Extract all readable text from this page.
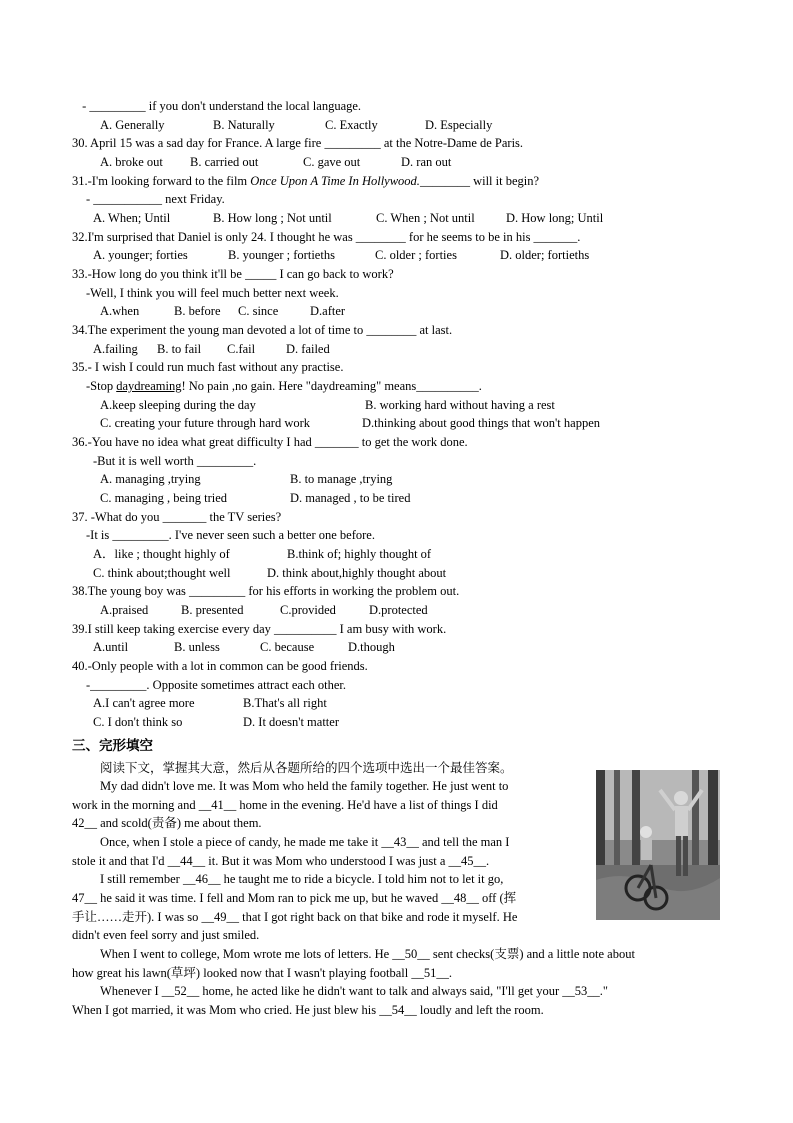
- _________ if you don't understand the local language.
A. Generally	B. Naturally	C. Exactly	D. Especially
30. April 15 was a sad day for France. A large fire _________ at the Notre-Dame de Paris.
A. broke out B. carried out	C. gave out	D. ran out
31.-I'm looking forward to the film Once Upon A Time In Hollywood.________ will it begin?
- ___________ next Friday.
A. When; Until	B. How long ; Not until	C. When ; Not until	D. How long; Until
32.I'm surprised that Daniel is only 24. I thought he was ________ for he seems to be in his _______.
A. younger; forties	B. younger ; fortieths	C. older ; forties	D. older; fortieths
33.-How long do you think it'll be _____ I can go back to work?
-Well, I think you will feel much better next week.
A.when	B. before C. since	D.after
34.The experiment the young man devoted a lot of time to ________ at last.
A.failing B. to fail C.fail D. failed
35.- I wish I could run much fast without any practise.
-Stop daydreaming! No pain ,no gain. Here "daydreaming" means__________.
A.keep sleeping during the day	B. working hard without having a rest
C. creating your future through hard work	D.thinking about good things that won't happen
36.-You have no idea what great difficulty I had _______ to get the work done.
-But it is well worth _________.
A. managing ,trying	B. to manage ,trying
C. managing , being tried	D. managed , to be tired
37. -What do you _______ the TV series?
-It is _________. I've never seen such a better one before.
A．like ; thought highly of	B.think of; highly thought of
C. think about;thought well	D. think about,highly thought about
38.The young boy was _________ for his efforts in working the problem out.
A.praised	B. presented	C.provided	D.protected
39.I still keep taking exercise every day __________ I am busy with work.
A.until	B. unless	C. because	D.though
40.-Only people with a lot in common can be good friends.
-_________. Opposite sometimes attract each other.
A.I can't agree more	B.That's all right
C. I don't think so	D. It doesn't matter
三、完形填空
阅读下文，掌握其大意，然后从各题所给的四个选项中选出一个最佳答案。
My dad didn't love me. It was Mom who held the family together. He just went to
work in the morning and __41__ home in the evening. He'd have a list of things I did
42__ and scold(责备) me about them.
Once, when I stole a piece of candy, he made me take it __43__ and tell the man I
stole it and that I'd __44__ it. But it was Mom who understood I was just a __45__.
I still remember __46__ he taught me to ride a bicycle. I told him not to let it go,
47__ he said it was time. I fell and Mom ran to pick me up, but he waved __48__ off (挥
手让……走开). I was so __49__ that I got right back on that bike and rode it myself. He
didn't even feel sorry and just smiled.
When I went to college, Mom wrote me lots of letters. He __50__ sent checks(支票) and a little note about
how great his lawn(草坪) looked now that I wasn't playing football __51__.
Whenever I __52__ home, he acted like he didn't want to talk and always said, "I'll get your __53__."
When I got married, it was Mom who cried. He just blew his __54__ loudly and left the room.
